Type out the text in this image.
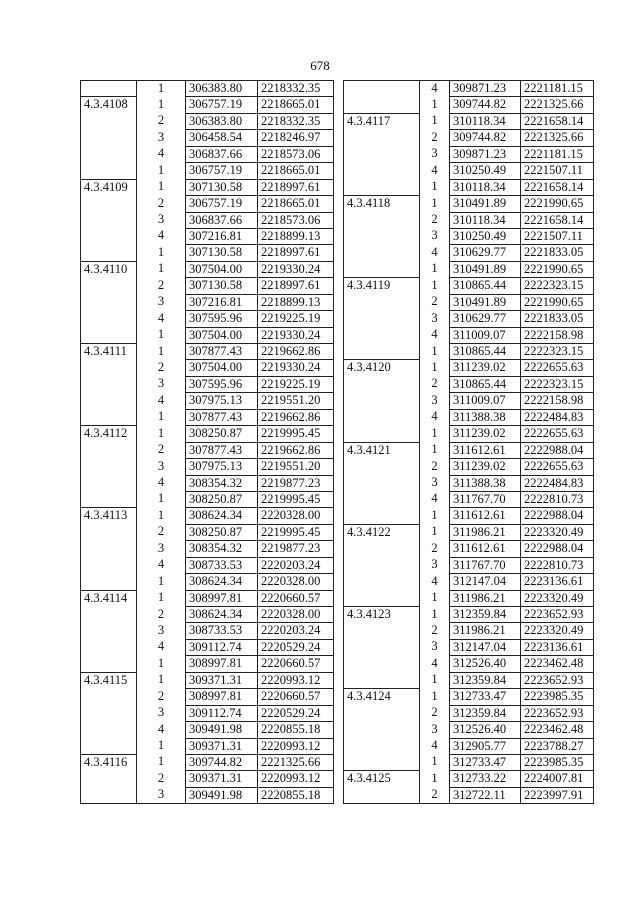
678
	1	306383.80	2218332.35
4.3.4108	1	306757.19	2218665.01
	2	306383.80	2218332.35
	3	306458.54	2218246.97
	4	306837.66	2218573.06
	1	306757.19	2218665.01
4.3.4109	1	307130.58	2218997.61
	2	306757.19	2218665.01
	3	306837.66	2218573.06
	4	307216.81	2218899.13
	1	307130.58	2218997.61
4.3.4110	1	307504.00	2219330.24
	2	307130.58	2218997.61
	3	307216.81	2218899.13
	4	307595.96	2219225.19
	1	307504.00	2219330.24
4.3.4111	1	307877.43	2219662.86
	2	307504.00	2219330.24
	3	307595.96	2219225.19
	4	307975.13	2219551.20
	1	307877.43	2219662.86
4.3.4112	1	308250.87	2219995.45
	2	307877.43	2219662.86
	3	307975.13	2219551.20
	4	308354.32	2219877.23
	1	308250.87	2219995.45
4.3.4113	1	308624.34	2220328.00
	2	308250.87	2219995.45
	3	308354.32	2219877.23
	4	308733.53	2220203.24
	1	308624.34	2220328.00
4.3.4114	1	308997.81	2220660.57
	2	308624.34	2220328.00
	3	308733.53	2220203.24
	4	309112.74	2220529.24
	1	308997.81	2220660.57
4.3.4115	1	309371.31	2220993.12
	2	308997.81	2220660.57
	3	309112.74	2220529.24
	4	309491.98	2220855.18
	1	309371.31	2220993.12
4.3.4116	1	309744.82	2221325.66
	2	309371.31	2220993.12
	3	309491.98	2220855.18
	4	309871.23	2221181.15
	1	309744.82	2221325.66
4.3.4117	1	310118.34	2221658.14
	2	309744.82	2221325.66
	3	309871.23	2221181.15
	4	310250.49	2221507.11
	1	310118.34	2221658.14
4.3.4118	1	310491.89	2221990.65
	2	310118.34	2221658.14
	3	310250.49	2221507.11
	4	310629.77	2221833.05
	1	310491.89	2221990.65
4.3.4119	1	310865.44	2222323.15
	2	310491.89	2221990.65
	3	310629.77	2221833.05
	4	311009.07	2222158.98
	1	310865.44	2222323.15
4.3.4120	1	311239.02	2222655.63
	2	310865.44	2222323.15
	3	311009.07	2222158.98
	4	311388.38	2222484.83
	1	311239.02	2222655.63
4.3.4121	1	311612.61	2222988.04
	2	311239.02	2222655.63
	3	311388.38	2222484.83
	4	311767.70	2222810.73
	1	311612.61	2222988.04
4.3.4122	1	311986.21	2223320.49
	2	311612.61	2222988.04
	3	311767.70	2222810.73
	4	312147.04	2223136.61
	1	311986.21	2223320.49
4.3.4123	1	312359.84	2223652.93
	2	311986.21	2223320.49
	3	312147.04	2223136.61
	4	312526.40	2223462.48
	1	312359.84	2223652.93
4.3.4124	1	312733.47	2223985.35
	2	312359.84	2223652.93
	3	312526.40	2223462.48
	4	312905.77	2223788.27
	1	312733.47	2223985.35
4.3.4125	1	312733.22	2224007.81
	2	312722.11	2223997.91
